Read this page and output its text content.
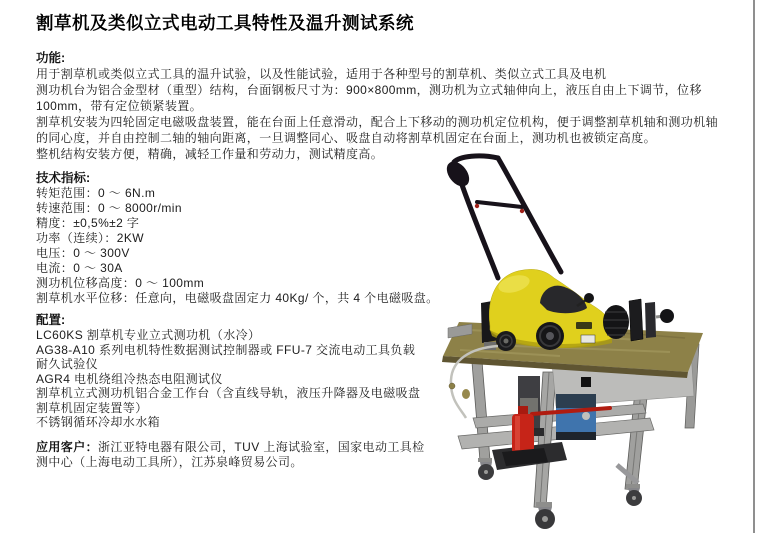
割草机及类似立式电动工具特性及温升测试系统
功能:
用于割草机或类似立式工具的温升试验，以及性能试验，适用于各种型号的割草机、类似立式工具及电机
测功机台为铝合金型材（重型）结构，台面钢板尺寸为：900×800mm，测功机为立式轴伸向上，液压自由上下调节，位移
100mm，带有定位锁紧装置。
割草机安装为四轮固定电磁吸盘装置，能在台面上任意滑动，配合上下移动的测功机定位机构，便于调整割草机轴和测功机轴
的同心度，并自由控制二轴的轴向距离，一旦调整同心、吸盘自动将割草机固定在台面上，测功机也被锁定高度。
整机结构安装方便，精确，减轻工作量和劳动力，测试精度高。
技术指标:
转矩范围：0 ～ 6N.m
转速范围：0 ～ 8000r/min
精度：±0,5%±2 字
功率（连续）：2KW
电压：0 ～ 300V
电流：0 ～ 30A
测功机位移高度：0 ～ 100mm
割草机水平位移：任意向，电磁吸盘固定力 40Kg/ 个，共 4 个电磁吸盘。
配置:
LC60KS 割草机专业立式测功机（水冷）
AG38-A10 系列电机特性数据测试控制器或 FFU-7 交流电动工具负载
耐久试验仪
AGR4 电机绕组冷热态电阻测试仪
割草机立式测功机铝合金工作台（含直线导轨，液压升降器及电磁吸盘
割草机固定装置等）
不锈钢循环冷却水水箱
应用客户：浙江亚特电器有限公司，TUV 上海试验室，国家电动工具检
测中心（上海电动工具所），江苏泉峰贸易公司。
